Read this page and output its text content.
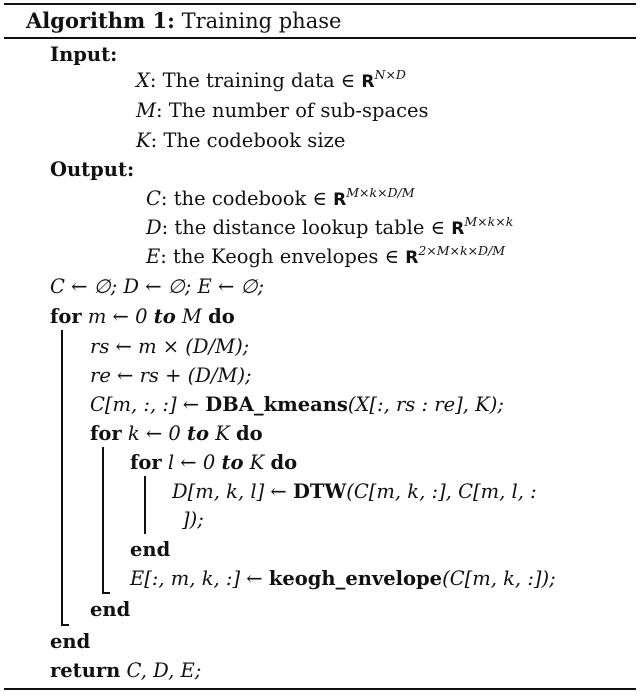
Algorithm 1: Training phase
Input:
X: The training data ∈ $R^{N\times D}$
M: The number of sub-spaces
K: The codebook size
Output:
C: the codebook ∈ $R^{M\times k\times D/M}$
D: the distance lookup table ∈ $R^{M\times k\times k}$
E: the Keogh envelopes ∈ $R^{2\times M\times k\times D/M}$
C ← ∅; D ← ∅; E ← ∅;
for m ← 0 to M do
rs ← m × (D/M);
re ← rs + (D/M);
C[m, :, :] ← DBA_kmeans(X[:, rs : re], K);
for k ← 0 to K do
for l ← 0 to K do
D[m, k, l] ← DTW(C[m, k, :], C[m, l, :
]);
end
E[:, m, k, :] ← keogh_envelope(C[m, k, :]);
end
end
return C, D, E;
